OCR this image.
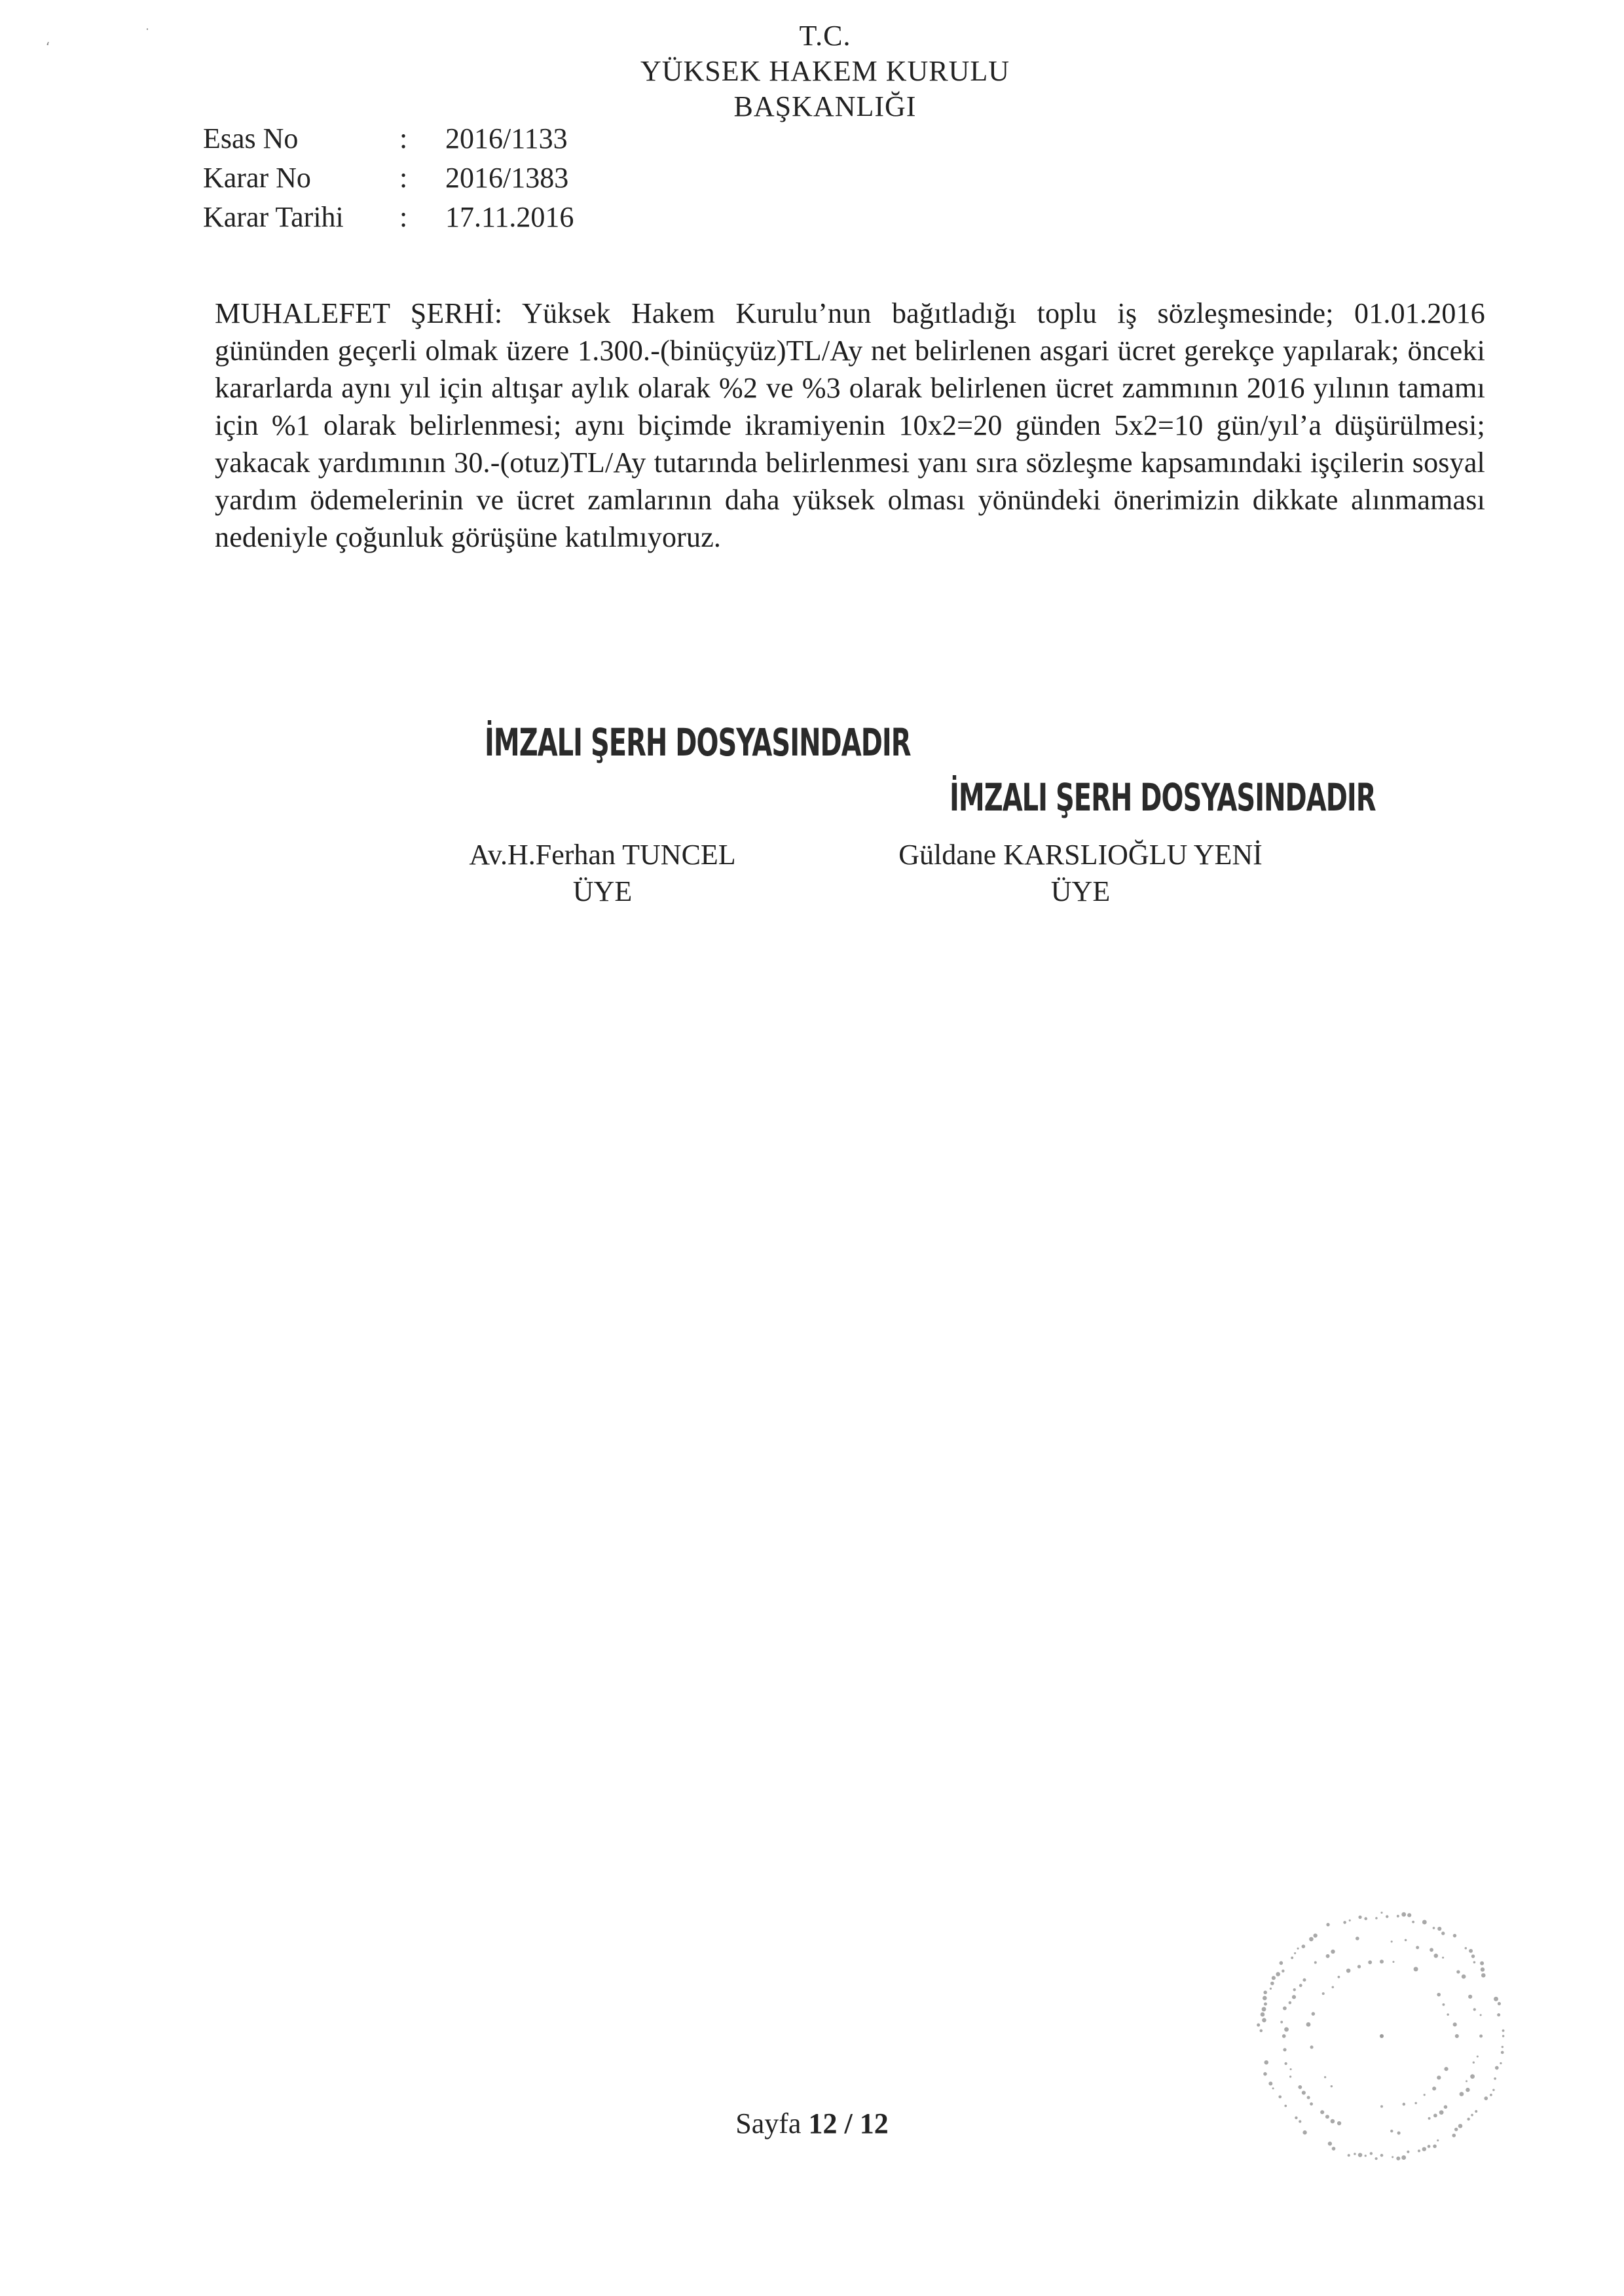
T.C.
YÜKSEK HAKEM KURULU
BAŞKANLIĞI
Esas No	:	2016/1133
Karar No	:	2016/1383
Karar Tarihi	:	17.11.2016
MUHALEFET ŞERHİ: Yüksek Hakem Kurulu’nun bağıtladığı toplu iş sözleşmesinde; 01.01.2016 gününden geçerli olmak üzere 1.300.-(binüçyüz)TL/Ay net belirlenen asgari ücret gerekçe yapılarak; önceki kararlarda aynı yıl için altışar aylık olarak %2 ve %3 olarak belirlenen ücret zammının 2016 yılının tamamı için %1 olarak belirlenmesi; aynı biçimde ikramiyenin 10x2=20 günden 5x2=10 gün/yıl’a düşürülmesi; yakacak yardımının 30.-(otuz)TL/Ay tutarında belirlenmesi yanı sıra sözleşme kapsamındaki işçilerin sosyal yardım ödemelerinin ve ücret zamlarının daha yüksek olması yönündeki önerimizin dikkate alınmaması nedeniyle çoğunluk görüşüne katılmıyoruz.
İMZALI ŞERH DOSYASINDADIR
İMZALI ŞERH DOSYASINDADIR
Av.H.Ferhan TUNCEL
ÜYE
Güldane KARSLIOĞLU YENİ
ÜYE
Sayfa 12 / 12
‘
˙
